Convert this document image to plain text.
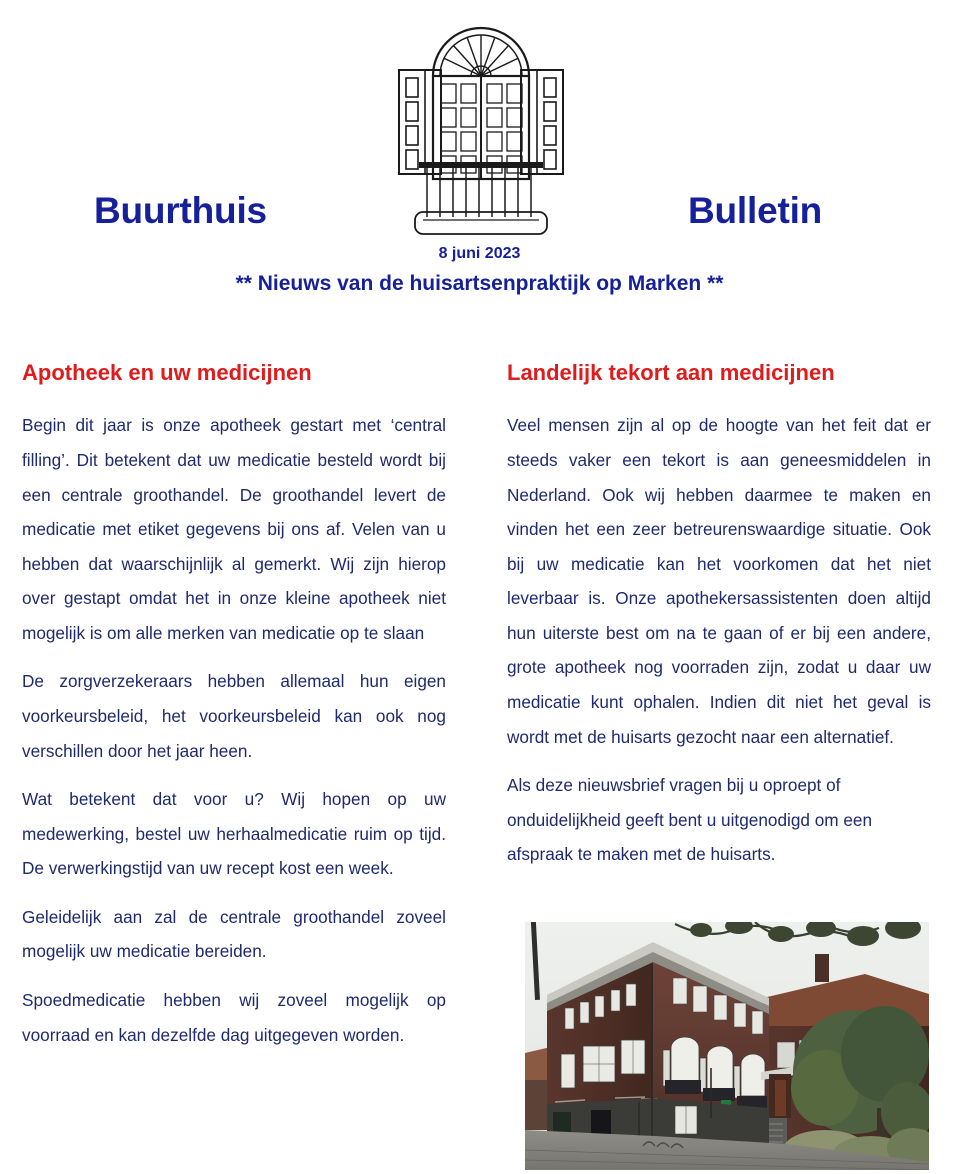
Buurthuis	Bulletin
8 juni 2023
** Nieuws van de huisartsenpraktijk op Marken **
Apotheek en uw medicijnen

Begin dit jaar is onze apotheek gestart met ‘central filling’. Dit betekent dat uw medicatie besteld wordt bij een centrale groothandel. De groothandel levert de medicatie met etiket gegevens bij ons af. Velen van u hebben dat waarschijnlijk al gemerkt. Wij zijn hierop over gestapt omdat het in onze kleine apotheek niet mogelijk is om alle merken van medicatie op te slaan

De zorgverzekeraars hebben allemaal hun eigen voorkeursbeleid, het voorkeursbeleid kan ook nog verschillen door het jaar heen.

Wat betekent dat voor u? Wij hopen op uw medewerking, bestel uw herhaalmedicatie ruim op tijd. De verwerkingstijd van uw recept kost een week.

Geleidelijk aan zal de centrale groothandel zoveel mogelijk uw medicatie bereiden.

Spoedmedicatie hebben wij zoveel mogelijk op voorraad en kan dezelfde dag uitgegeven worden.

Landelijk tekort aan medicijnen

Veel mensen zijn al op de hoogte van het feit dat er steeds vaker een tekort is aan geneesmiddelen in Nederland. Ook wij hebben daarmee te maken en vinden het een zeer betreurenswaardige situatie. Ook bij uw medicatie kan het voorkomen dat het niet leverbaar is. Onze apothekersassistenten doen altijd hun uiterste best om na te gaan of er bij een andere, grote apotheek nog voorraden zijn, zodat u daar uw medicatie kunt ophalen. Indien dit niet het geval is wordt met de huisarts gezocht naar een alternatief.

Als deze nieuwsbrief vragen bij u oproept of onduidelijkheid geeft bent u uitgenodigd om een afspraak te maken met de huisarts.
